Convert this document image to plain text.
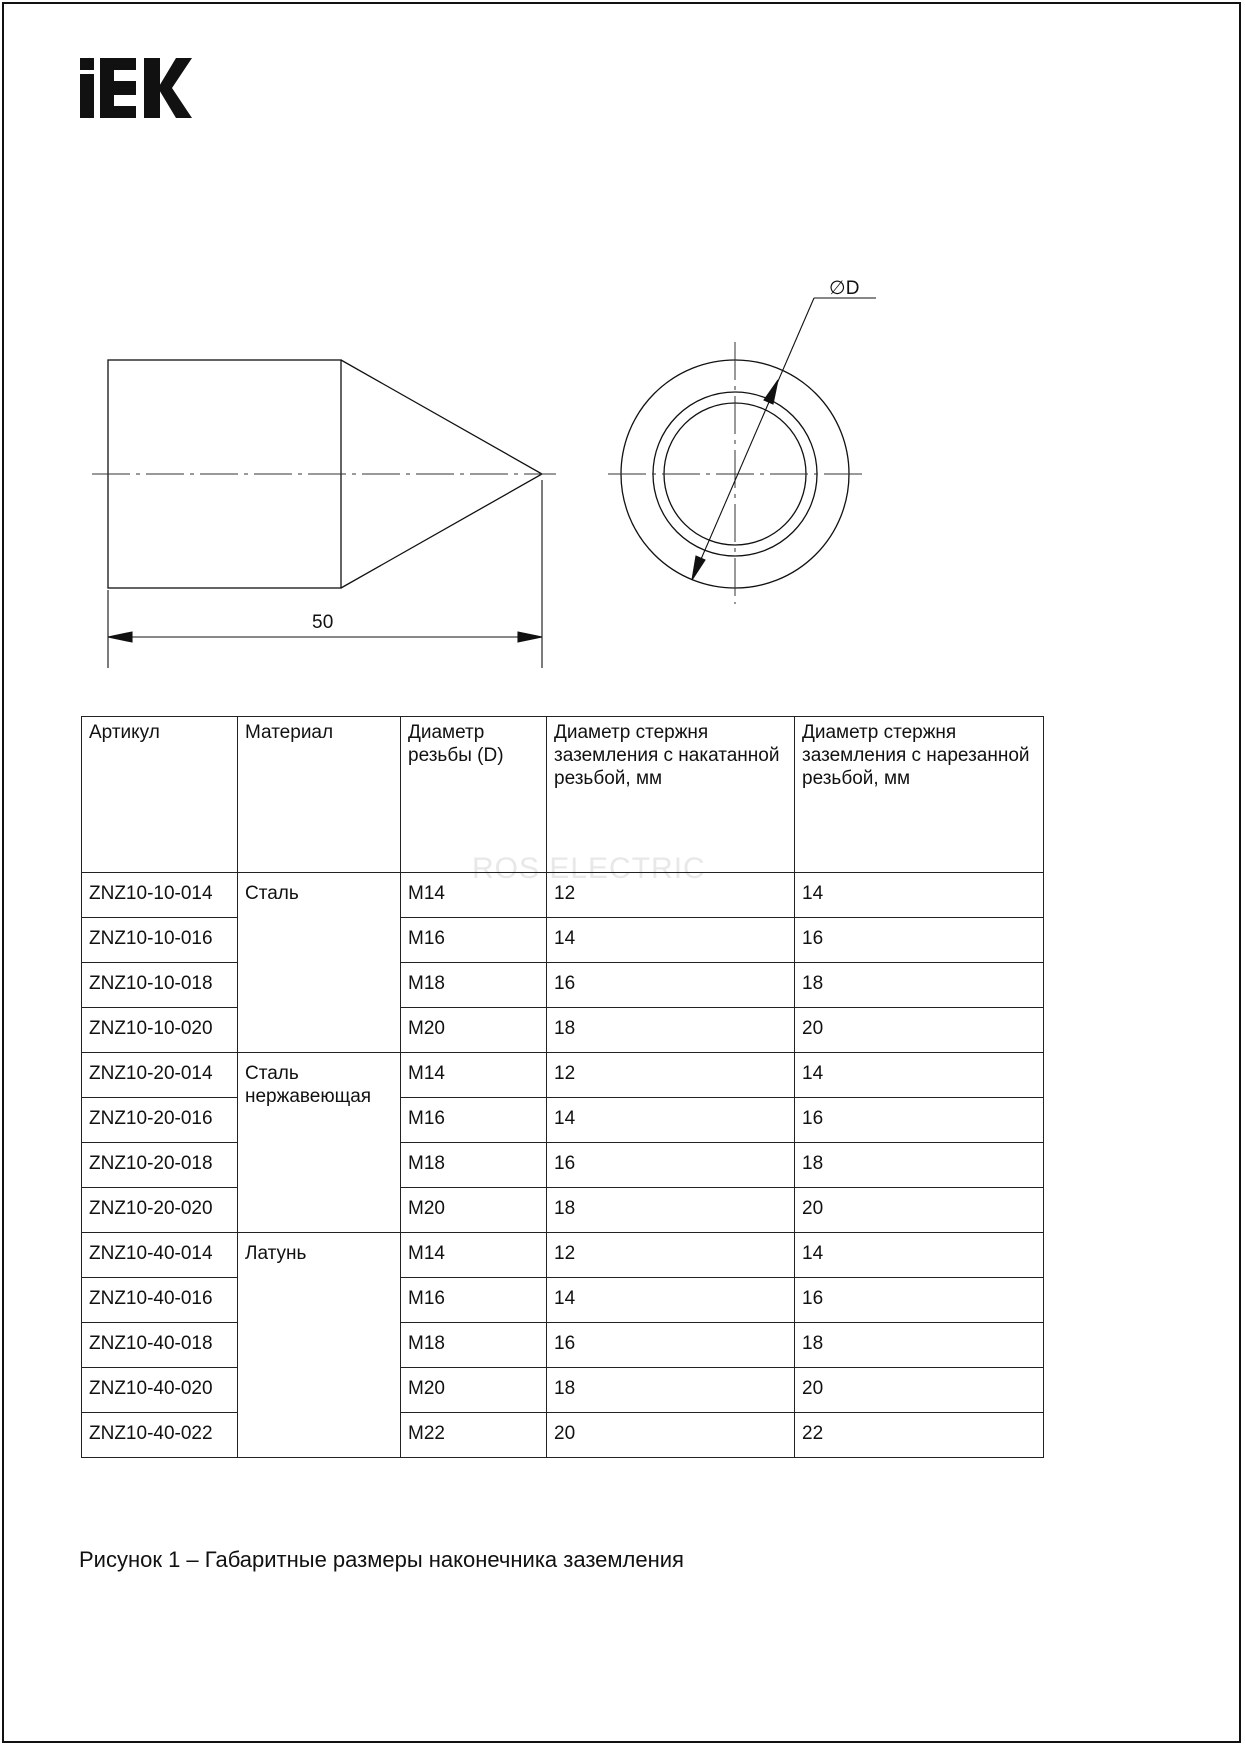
50
∅D
ROS ELECTRIC
Артикул	Материал	Диаметр резьбы (D)	Диаметр стержня заземления с накатанной резьбой, мм	Диаметр стержня заземления с нарезанной резьбой, мм
ZNZ10-10-014	Сталь	M14	12	14
ZNZ10-10-016		M16	14	16
ZNZ10-10-018		M18	16	18
ZNZ10-10-020		M20	18	20
ZNZ10-20-014	Сталь нержавеющая	M14	12	14
ZNZ10-20-016		M16	14	16
ZNZ10-20-018		M18	16	18
ZNZ10-20-020		M20	18	20
ZNZ10-40-014	Латунь	M14	12	14
ZNZ10-40-016		M16	14	16
ZNZ10-40-018		M18	16	18
ZNZ10-40-020		M20	18	20
ZNZ10-40-022		M22	20	22
Рисунок 1 – Габаритные размеры наконечника заземления
